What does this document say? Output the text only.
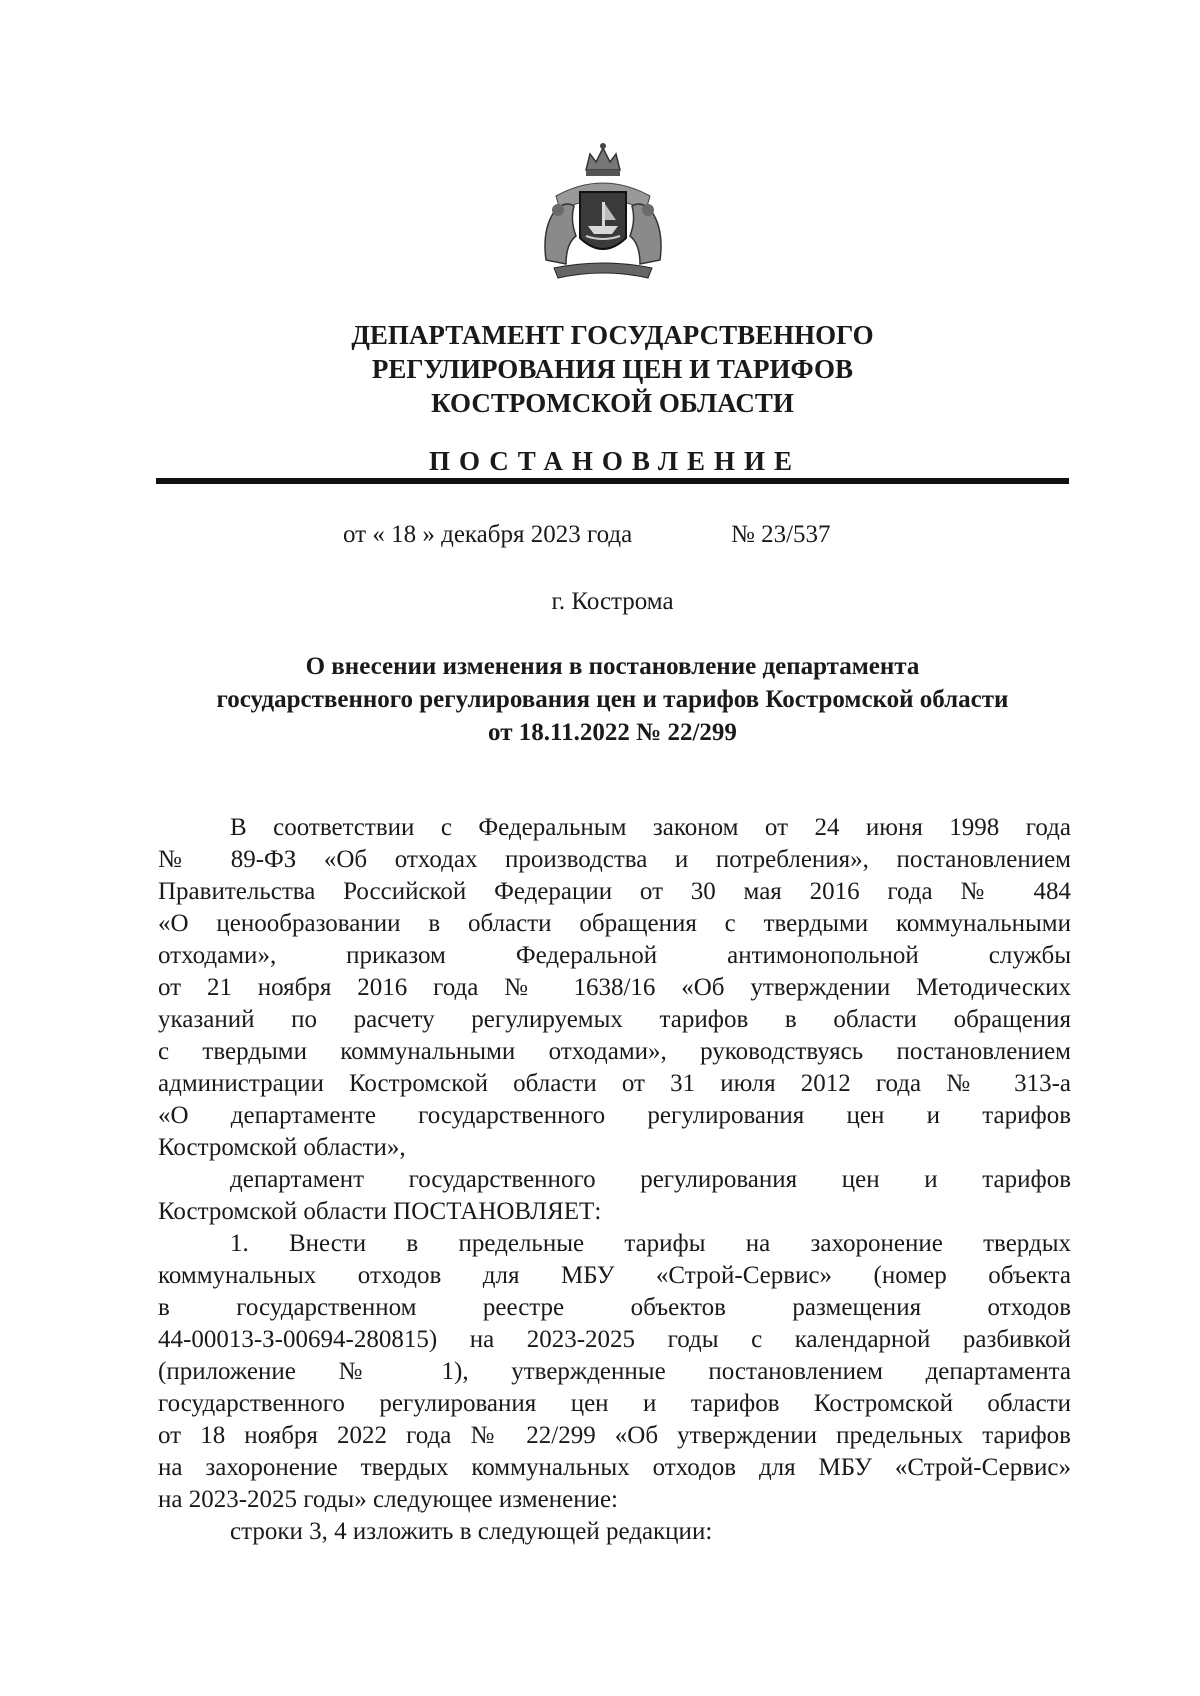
ДЕПАРТАМЕНТ ГОСУДАРСТВЕННОГО
РЕГУЛИРОВАНИЯ ЦЕН И ТАРИФОВ
КОСТРОМСКОЙ ОБЛАСТИ
ПОСТАНОВЛЕНИЕ
от « 18 » декабря 2023 года	№ 23/537
г. Кострома
О внесении изменения в постановление департамента
государственного регулирования цен и тарифов Костромской области
от 18.11.2022 № 22/299
В соответствии с Федеральным законом от 24 июня 1998 года
№ 89-ФЗ «Об отходах производства и потребления», постановлением
Правительства Российской Федерации от 30 мая 2016 года № 484
«О ценообразовании в области обращения с твердыми коммунальными
отходами», приказом Федеральной антимонопольной службы
от 21 ноября 2016 года № 1638/16 «Об утверждении Методических
указаний по расчету регулируемых тарифов в области обращения
с твердыми коммунальными отходами», руководствуясь постановлением
администрации Костромской области от 31 июля 2012 года № 313-а
«О департаменте государственного регулирования цен и тарифов
Костромской области»,
департамент государственного регулирования цен и тарифов
Костромской области ПОСТАНОВЛЯЕТ:
1. Внести в предельные тарифы на захоронение твердых
коммунальных отходов для МБУ «Строй-Сервис» (номер объекта
в государственном реестре объектов размещения отходов
44-00013-З-00694-280815) на 2023-2025 годы с календарной разбивкой
(приложение № 1), утвержденные постановлением департамента
государственного регулирования цен и тарифов Костромской области
от 18 ноября 2022 года № 22/299 «Об утверждении предельных тарифов
на захоронение твердых коммунальных отходов для МБУ «Строй-Сервис»
на 2023-2025 годы» следующее изменение:
строки 3, 4 изложить в следующей редакции:
